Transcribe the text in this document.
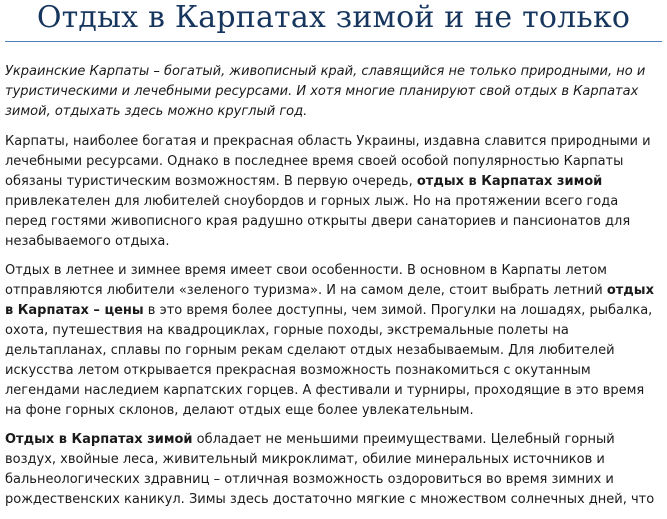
Отдых в Карпатах зимой и не только

Украинские Карпаты – богатый, живописный край, славящийся не только природными, но и туристическими и лечебными ресурсами. И хотя многие планируют свой отдых в Карпатах зимой, отдыхать здесь можно круглый год.

Карпаты, наиболее богатая и прекрасная область Украины, издавна славится природными и лечебными ресурсами. Однако в последнее время своей особой популярностью Карпаты обязаны туристическим возможностям. В первую очередь, отдых в Карпатах зимой привлекателен для любителей сноубордов и горных лыж. Но на протяжении всего года перед гостями живописного края радушно открыты двери санаториев и пансионатов для незабываемого отдыха.

Отдых в летнее и зимнее время имеет свои особенности. В основном в Карпаты летом отправляются любители «зеленого туризма». И на самом деле, стоит выбрать летний отдых в Карпатах – цены в это время более доступны, чем зимой. Прогулки на лошадях, рыбалка, охота, путешествия на квадроциклах, горные походы, экстремальные полеты на дельтапланах, сплавы по горным рекам сделают отдых незабываемым. Для любителей искусства летом открывается прекрасная возможность познакомиться с окутанным легендами наследием карпатских горцев. А фестивали и турниры, проходящие в это время на фоне горных склонов, делают отдых еще более увлекательным.

Отдых в Карпатах зимой обладает не меньшими преимуществами. Целебный горный воздух, хвойные леса, живительный микроклимат, обилие минеральных источников и бальнеологических здравниц – отличная возможность оздоровиться во время зимних и рождественских каникул. Зимы здесь достаточно мягкие с множеством солнечных дней, что
